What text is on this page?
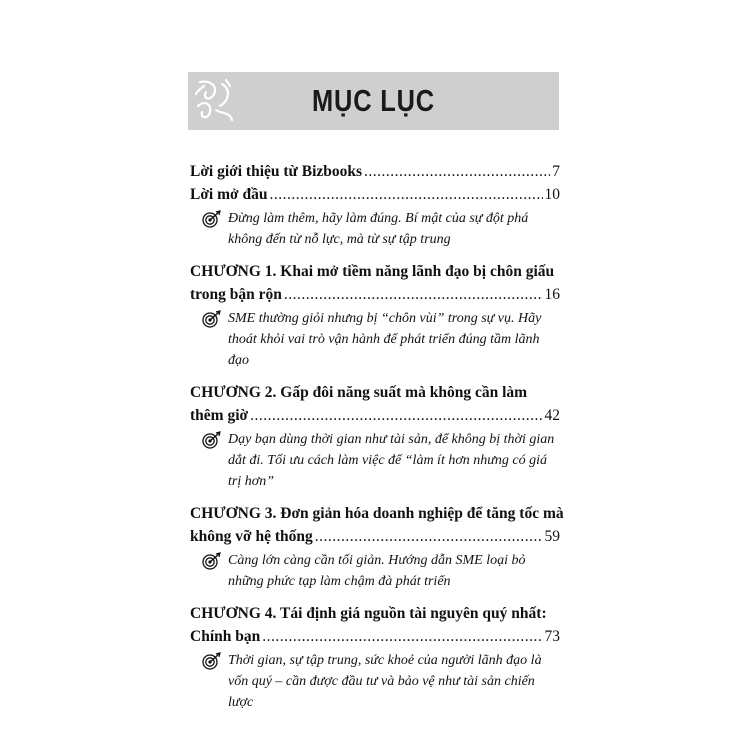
MỤC LỤC
Lời giới thiệu từ Bizbooks .....	7
Lời mở đầu .....	10
Đừng làm thêm, hãy làm đúng. Bí mật của sự đột phá không đến từ nỗ lực, mà từ sự tập trung
CHƯƠNG 1. Khai mở tiềm năng lãnh đạo bị chôn giấu
trong bận rộn .....	16
SME thường giỏi nhưng bị “chôn vùi” trong sự vụ. Hãy thoát khỏi vai trò vận hành để phát triển đúng tầm lãnh đạo
CHƯƠNG 2. Gấp đôi năng suất mà không cần làm
thêm giờ .....	42
Dạy bạn dùng thời gian như tài sản, để không bị thời gian dắt đi. Tối ưu cách làm việc để “làm ít hơn nhưng có giá trị hơn”
CHƯƠNG 3. Đơn giản hóa doanh nghiệp để tăng tốc mà
không vỡ hệ thống .....	59
Càng lớn càng cần tối giản. Hướng dẫn SME loại bỏ những phức tạp làm chậm đà phát triển
CHƯƠNG 4. Tái định giá nguồn tài nguyên quý nhất:
Chính bạn .....	73
Thời gian, sự tập trung, sức khoẻ của người lãnh đạo là vốn quý – cần được đầu tư và bảo vệ như tài sản chiến lược
